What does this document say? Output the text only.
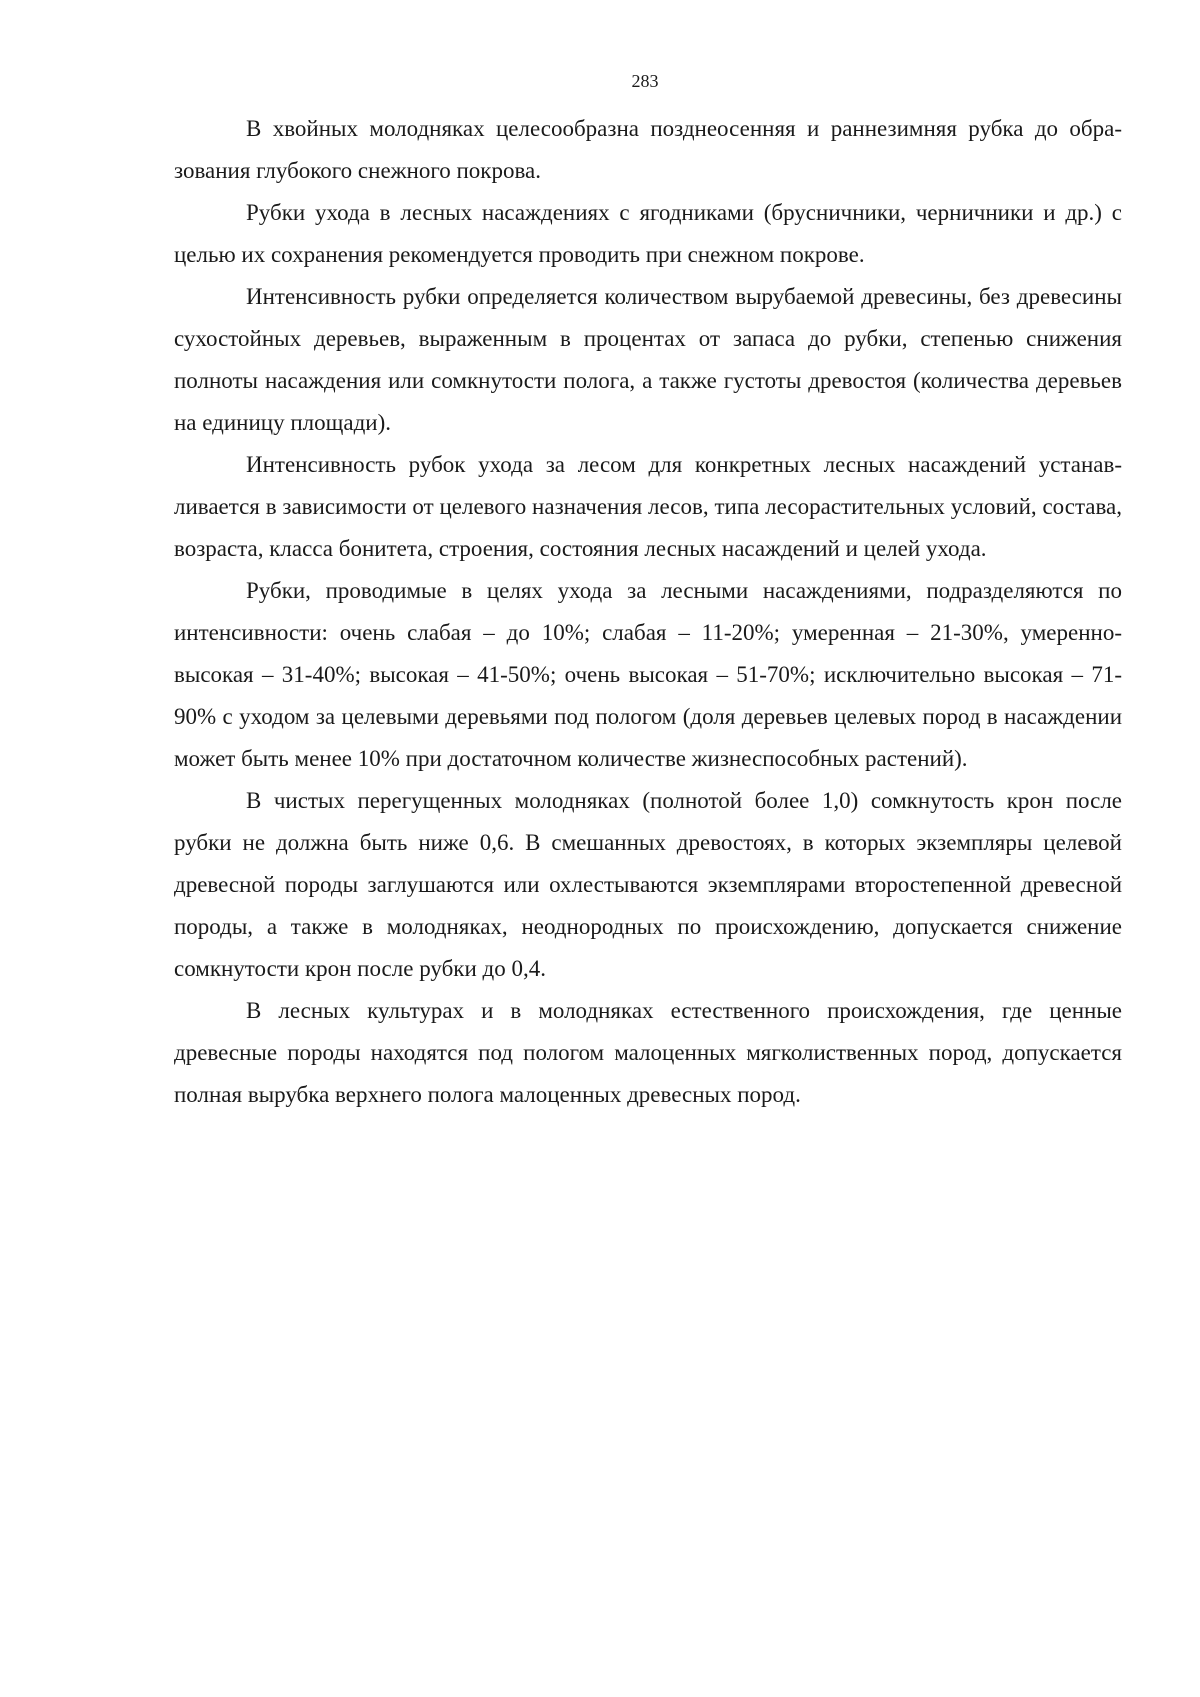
283

В хвойных молодняках целесообразна позднеосенняя и раннезимняя рубка до образования глубокого снежного покрова.

Рубки ухода в лесных насаждениях с ягодниками (брусничники, черничники и др.) с целью их сохранения рекомендуется проводить при снежном покрове.

Интенсивность рубки определяется количеством вырубаемой древесины, без древесины сухостойных деревьев, выраженным в процентах от запаса до рубки, степенью снижения полноты насаждения или сомкнутости полога, а также густоты древостоя (количества деревьев на единицу площади).

Интенсивность рубок ухода за лесом для конкретных лесных насаждений устанавливается в зависимости от целевого назначения лесов, типа лесорастительных условий, состава, возраста, класса бонитета, строения, состояния лесных насаждений и целей ухода.

Рубки, проводимые в целях ухода за лесными насаждениями, подразделяются по интенсивности: очень слабая – до 10%; слабая – 11-20%; умеренная – 21-30%, умеренно-высокая – 31-40%; высокая – 41-50%; очень высокая – 51-70%; исключительно высокая – 71-90% с уходом за целевыми деревьями под пологом (доля деревьев целевых пород в насаждении может быть менее 10% при достаточном количестве жизнеспособных растений).

В чистых перегущенных молодняках (полнотой более 1,0) сомкнутость крон после рубки не должна быть ниже 0,6. В смешанных древостоях, в которых экземпляры целевой древесной породы заглушаются или охлестываются экземплярами второстепенной древесной породы, а также в молодняках, неоднородных по происхождению, допускается снижение сомкнутости крон после рубки до 0,4.

В лесных культурах и в молодняках естественного происхождения, где ценные древесные породы находятся под пологом малоценных мягколиственных пород, допускается полная вырубка верхнего полога малоценных древесных пород.
